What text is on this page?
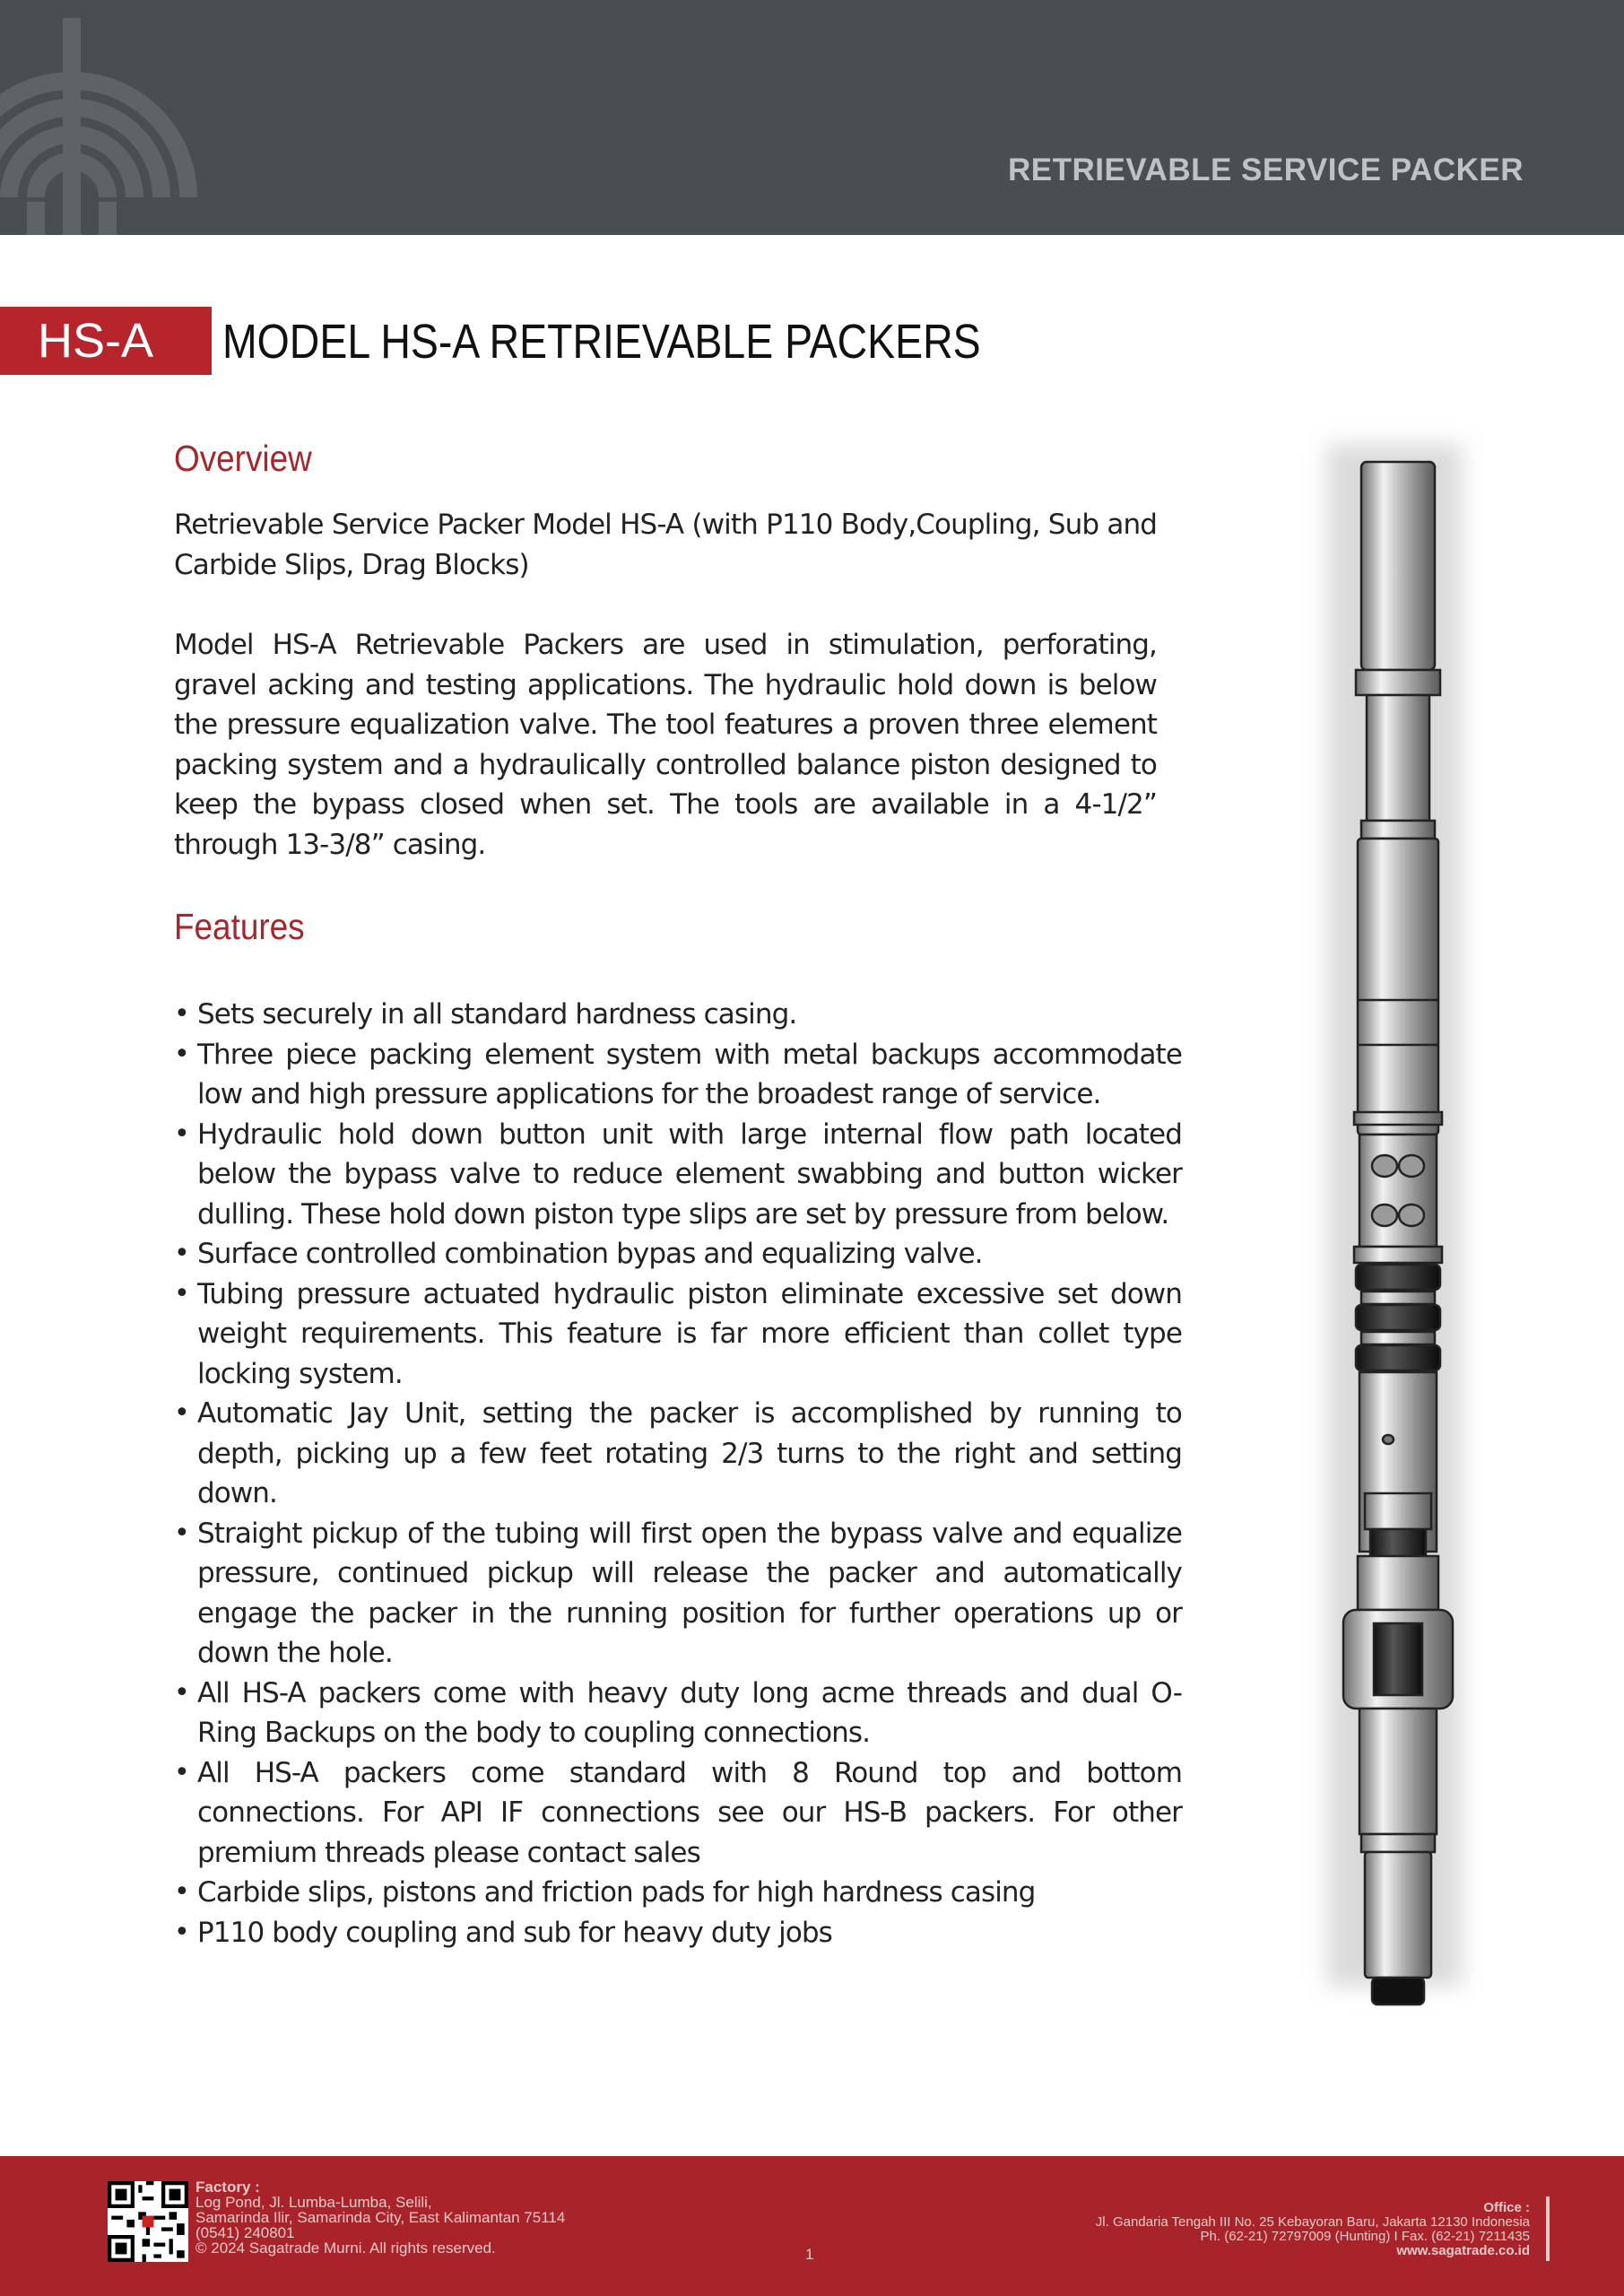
RETRIEVABLE SERVICE PACKER
HS-A	MODEL HS-A RETRIEVABLE PACKERS
Overview
Retrievable Service Packer Model HS-A (with P110 Body,Coupling, Sub and Carbide Slips, Drag Blocks)
Model HS-A Retrievable Packers are used in stimulation, perforating, gravel acking and testing applications. The hydraulic hold down is below the pressure equalization valve. The tool features a proven three element packing system and a hydraulically controlled balance piston designed to keep the bypass closed when set. The tools are available in a 4-1/2” through 13-3/8” casing.
Features
• Sets securely in all standard hardness casing.
• Three piece packing element system with metal backups accommodate low and high pressure applications for the broadest range of service.
• Hydraulic hold down button unit with large internal flow path located below the bypass valve to reduce element swabbing and button wicker dulling. These hold down piston type slips are set by pressure from below.
• Surface controlled combination bypas and equalizing valve.
• Tubing pressure actuated hydraulic piston eliminate excessive set down weight requirements. This feature is far more efficient than collet type locking system.
• Automatic Jay Unit, setting the packer is accomplished by running to depth, picking up a few feet rotating 2/3 turns to the right and setting down.
• Straight pickup of the tubing will first open the bypass valve and equalize pressure, continued pickup will release the packer and automatically engage the packer in the running position for further operations up or down the hole.
• All HS-A packers come with heavy duty long acme threads and dual O-Ring Backups on the body to coupling connections.
• All HS-A packers come standard with 8 Round top and bottom connections. For API IF connections see our HS-B packers. For other premium threads please contact sales
• Carbide slips, pistons and friction pads for high hardness casing
• P110 body coupling and sub for heavy duty jobs
Factory :
Log Pond, Jl. Lumba-Lumba, Selili,
Samarinda Ilir, Samarinda City, East Kalimantan 75114
(0541) 240801
© 2024 Sagatrade Murni. All rights reserved.	1
Office :
Jl. Gandaria Tengah III No. 25 Kebayoran Baru, Jakarta 12130 Indonesia
Ph. (62-21) 72797009 (Hunting) I Fax. (62-21) 7211435
www.sagatrade.co.id
